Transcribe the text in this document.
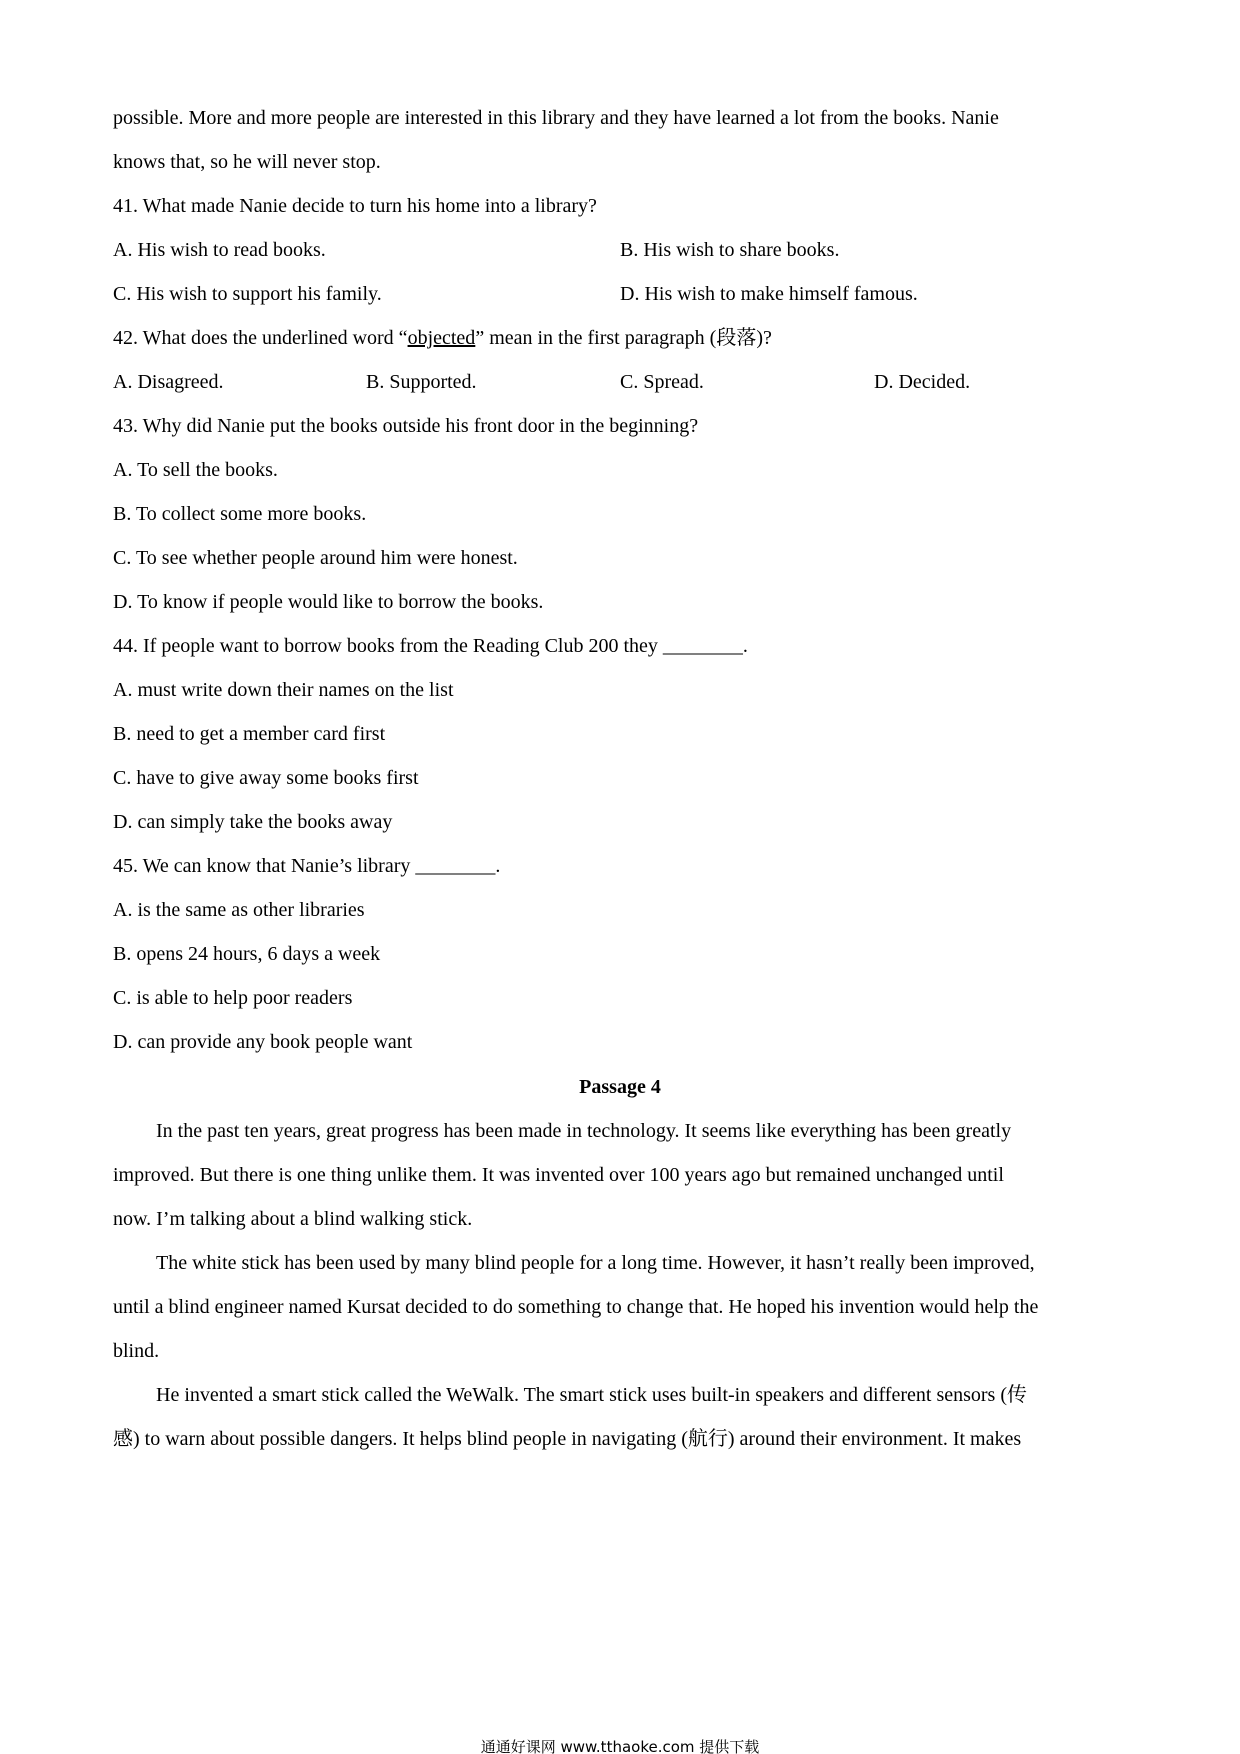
possible. More and more people are interested in this library and they have learned a lot from the books. Nanie
knows that, so he will never stop.
41. What made Nanie decide to turn his home into a library?
A. His wish to read books.	B. His wish to share books.
C. His wish to support his family.	D. His wish to make himself famous.
42. What does the underlined word “objected” mean in the first paragraph (段落)?
A. Disagreed.	B. Supported.	C. Spread.	D. Decided.
43. Why did Nanie put the books outside his front door in the beginning?
A. To sell the books.
B. To collect some more books.
C. To see whether people around him were honest.
D. To know if people would like to borrow the books.
44. If people want to borrow books from the Reading Club 200 they ________.
A. must write down their names on the list
B. need to get a member card first
C. have to give away some books first
D. can simply take the books away
45. We can know that Nanie’s library ________.
A. is the same as other libraries
B. opens 24 hours, 6 days a week
C. is able to help poor readers
D. can provide any book people want
Passage 4
In the past ten years, great progress has been made in technology. It seems like everything has been greatly
improved. But there is one thing unlike them. It was invented over 100 years ago but remained unchanged until
now. I’m talking about a blind walking stick.
The white stick has been used by many blind people for a long time. However, it hasn’t really been improved,
until a blind engineer named Kursat decided to do something to change that. He hoped his invention would help the
blind.
He invented a smart stick called the WeWalk. The smart stick uses built-in speakers and different sensors (传
感) to warn about possible dangers. It helps blind people in navigating (航行) around their environment. It makes
通通好课网 www.tthaoke.com 提供下载
